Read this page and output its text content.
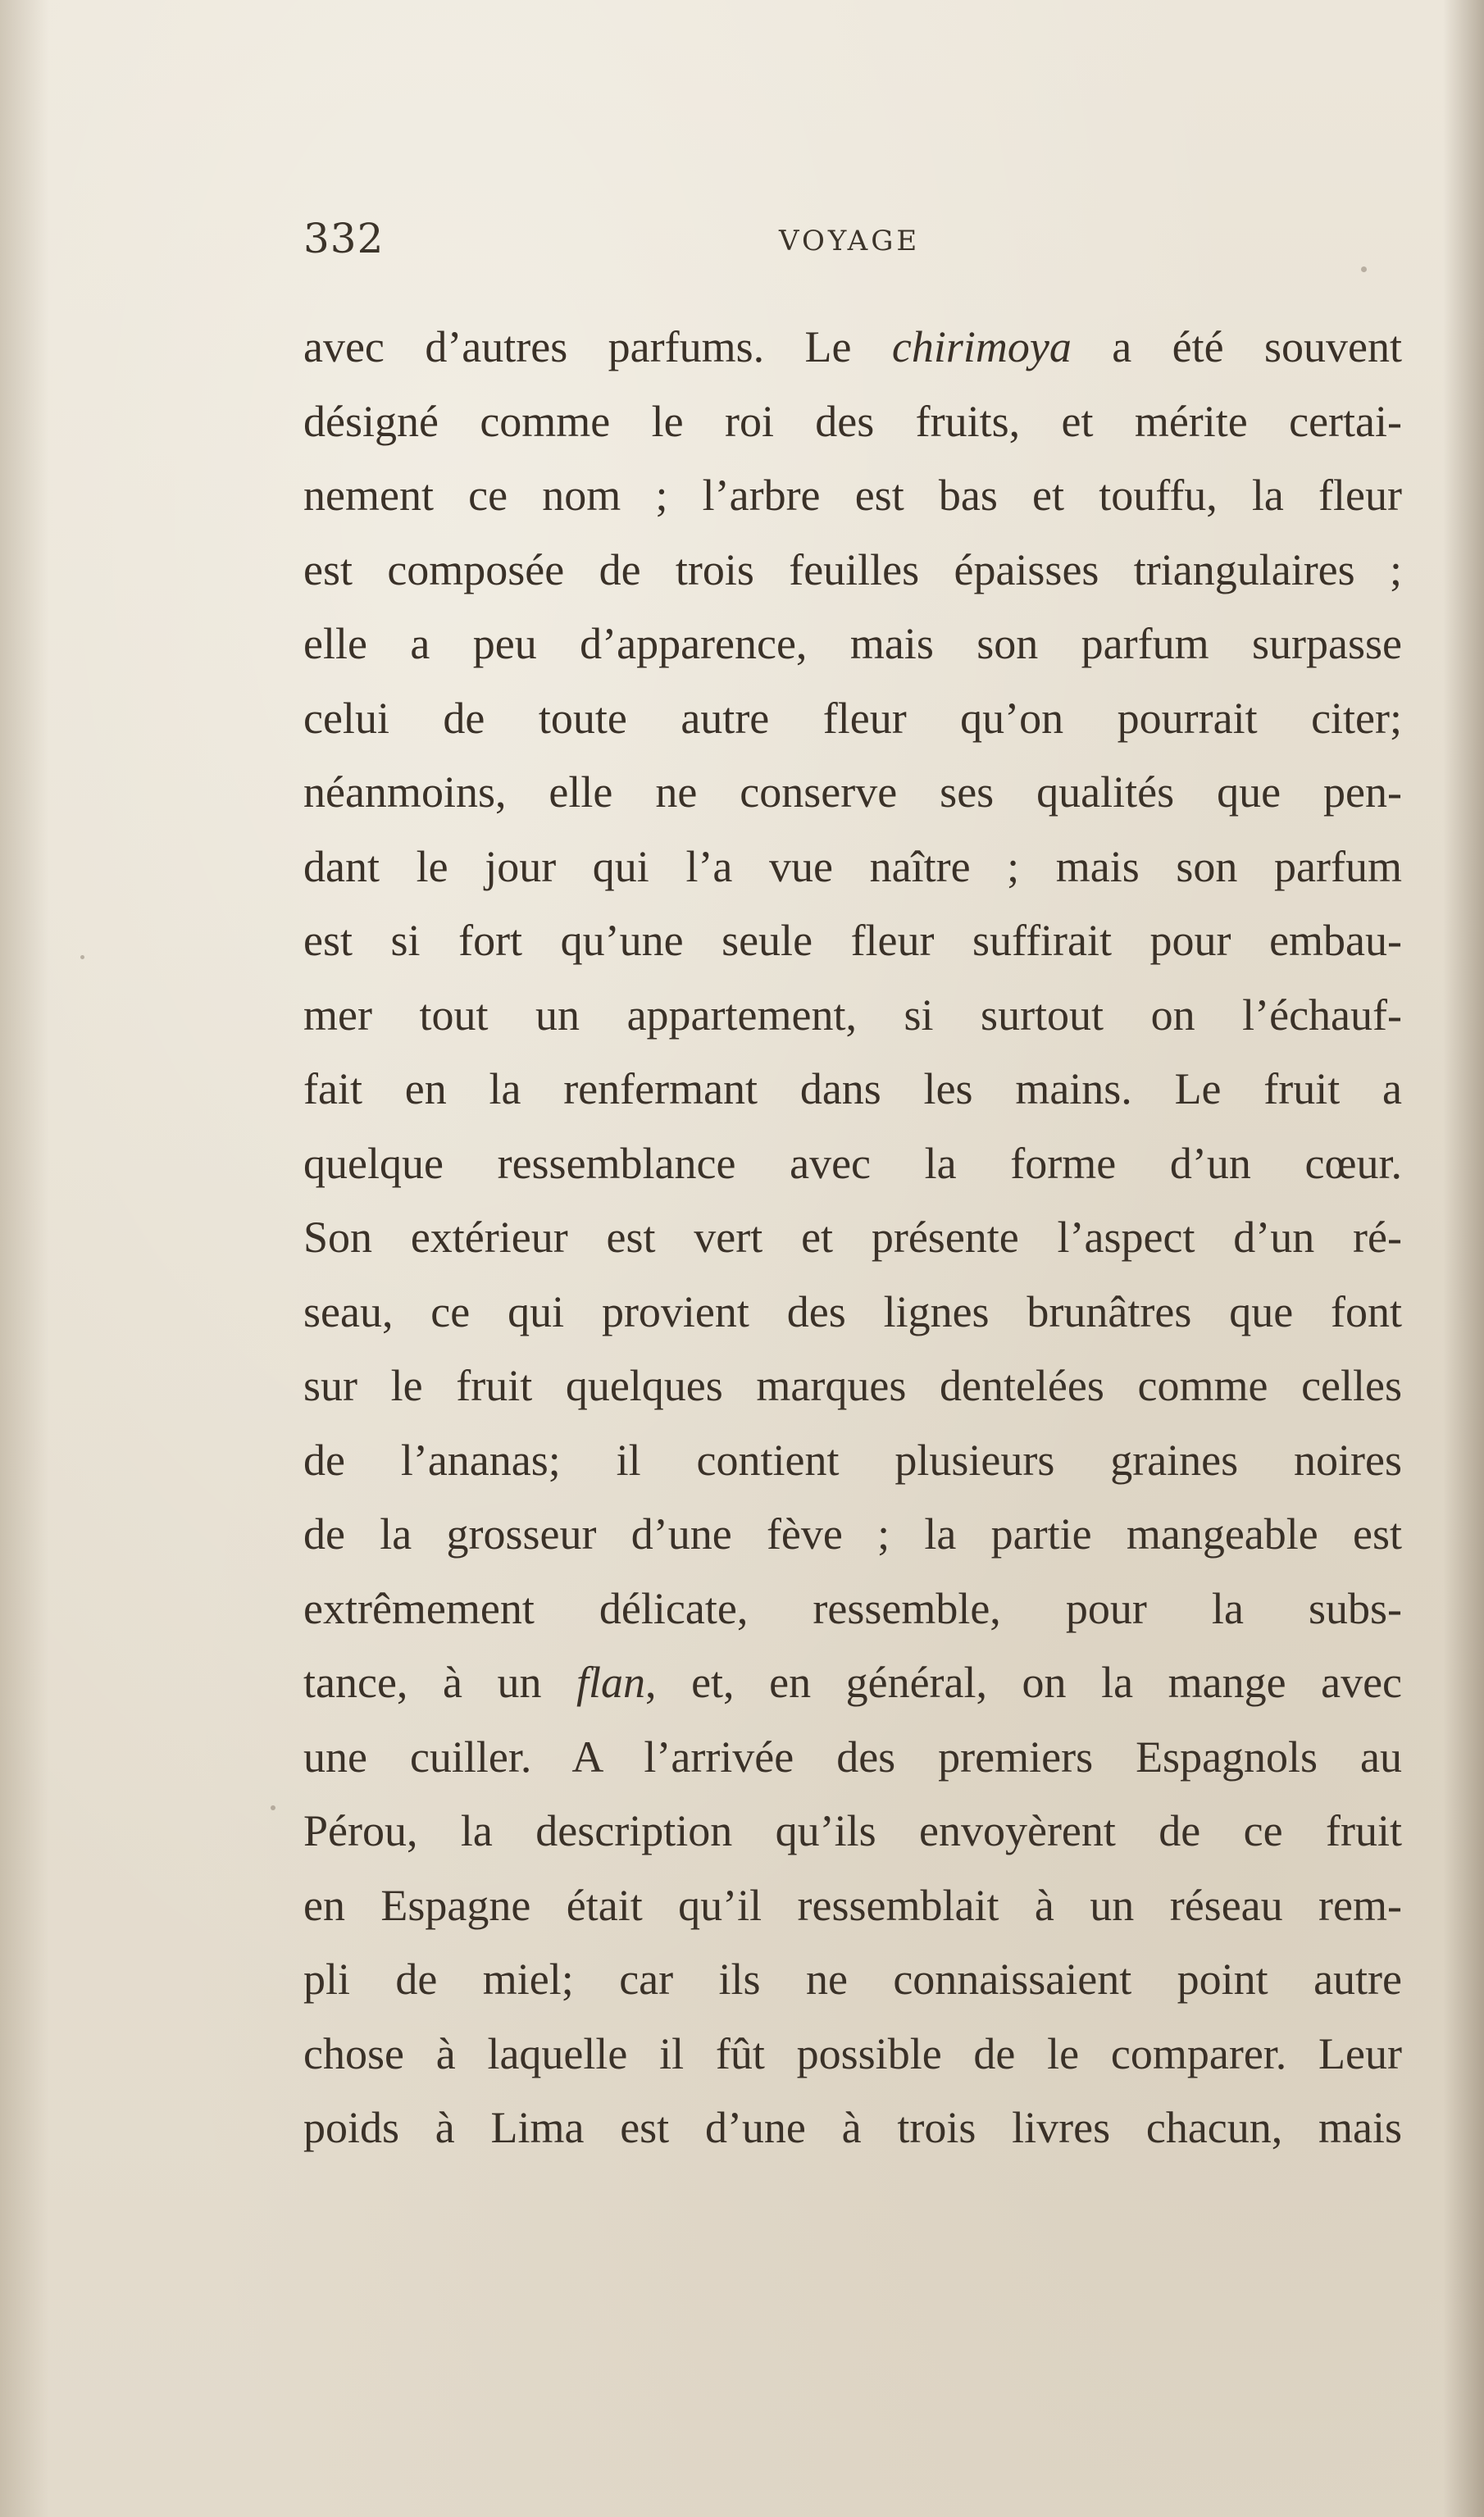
332	VOYAGE
avec d’autres parfums. Le chirimoya a été souvent
désigné comme le roi des fruits, et mérite certai-
nement ce nom ; l’arbre est bas et touffu, la fleur
est composée de trois feuilles épaisses triangulaires ;
elle a peu d’apparence, mais son parfum surpasse
celui de toute autre fleur qu’on pourrait citer;
néanmoins, elle ne conserve ses qualités que pen-
dant le jour qui l’a vue naître ; mais son parfum
est si fort qu’une seule fleur suffirait pour embau-
mer tout un appartement, si surtout on l’échauf-
fait en la renfermant dans les mains. Le fruit a
quelque ressemblance avec la forme d’un cœur.
Son extérieur est vert et présente l’aspect d’un ré-
seau, ce qui provient des lignes brunâtres que font
sur le fruit quelques marques dentelées comme celles
de l’ananas; il contient plusieurs graines noires
de la grosseur d’une fève ; la partie mangeable est
extrêmement délicate, ressemble, pour la subs-
tance, à un flan, et, en général, on la mange avec
une cuiller. A l’arrivée des premiers Espagnols au
Pérou, la description qu’ils envoyèrent de ce fruit
en Espagne était qu’il ressemblait à un réseau rem-
pli de miel; car ils ne connaissaient point autre
chose à laquelle il fût possible de le comparer. Leur
poids à Lima est d’une à trois livres chacun, mais
